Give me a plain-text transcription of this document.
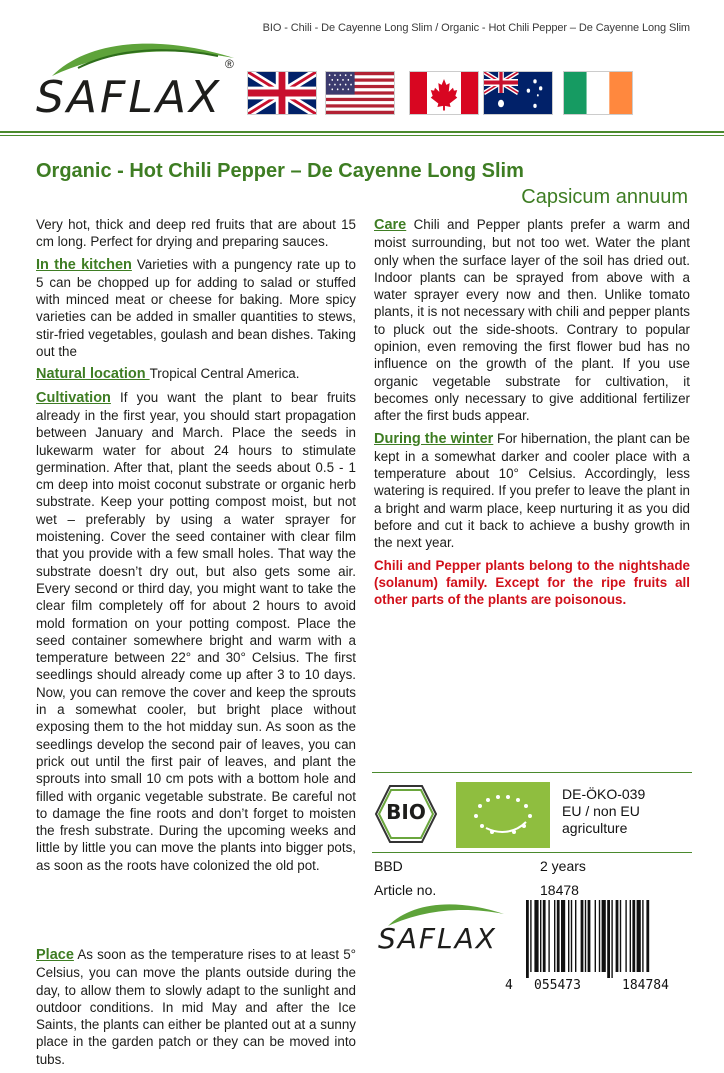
BIO - Chili - De Cayenne Long Slim / Organic - Hot Chili Pepper – De Cayenne Long Slim
SAFLAX
®
Organic - Hot Chili Pepper – De Cayenne Long Slim
Capsicum annuum

Very hot, thick and deep red fruits that are about 15 cm long. Perfect for drying and preparing sauces.

In the kitchen Varieties with a pungency rate up to 5 can be chopped up for adding to salad or stuffed with minced meat or cheese for baking. More spicy varieties can be added in smaller quantities to stews, stir-fried vegetables, goulash and bean dishes. Taking out the

Natural location Tropical Central America.

Cultivation If you want the plant to bear fruits already in the first year, you should start propagation between January and March. Place the seeds in lukewarm water for about 24 hours to stimulate germination. After that, plant the seeds about 0.5 - 1 cm deep into moist coconut substrate or organic herb substrate. Keep your potting compost moist, but not wet – preferably by using a water sprayer for moistening. Cover the seed container with clear film that you provide with a few small holes. That way the substrate doesn’t dry out, but also gets some air. Every second or third day, you might want to take the clear film completely off for about 2 hours to avoid mold formation on your potting compost. Place the seed container somewhere bright and warm with a temperature between 22° and 30° Celsius. The first seedlings should already come up after 3 to 10 days. Now, you can remove the cover and keep the sprouts in a somewhat cooler, but bright place without exposing them to the hot midday sun. As soon as the seedlings develop the second pair of leaves, you can prick out until the first pair of leaves, and plant the sprouts into small 10 cm pots with a bottom hole and filled with organic vegetable substrate. Be careful not to damage the fine roots and don’t forget to moisten the fresh substrate. During the upcoming weeks and little by little you can move the plants into bigger pots, as soon as the roots have colonized the old pot.

Place As soon as the temperature rises to at least 5° Celsius, you can move the plants outside during the day, to allow them to slowly adapt to the sunlight and outdoor conditions. In mid May and after the Ice Saints, the plants can either be planted out at a sunny place in the garden patch or they can be moved into tubs.

Care Chili and Pepper plants prefer a warm and moist surrounding, but not too wet. Water the plant only when the surface layer of the soil has dried out. Indoor plants can be sprayed from above with a water sprayer every now and then. Unlike tomato plants, it is not necessary with chili and pepper plants to pluck out the side-shoots. Contrary to popular opinion, even removing the first flower bud has no influence on the growth of the plant. If you use organic vegetable substrate for cultivation, it becomes only necessary to give additional fertilizer after the first buds appear.

During the winter For hibernation, the plant can be kept in a somewhat darker and cooler place with a temperature about 10° Celsius. Accordingly, less watering is required. If you prefer to leave the plant in a bright and warm place, keep nurturing it as you did before and cut it back to achieve a bushy growth in the next year.

Chili and Pepper plants belong to the nightshade (solanum) family. Except for the ripe fruits all other parts of the plants are poisonous.

BIO
DE-ÖKO-039
EU / non EU
agriculture
BBD	2 years
Article no.	18478
SAFLAX
4 055473	184784
